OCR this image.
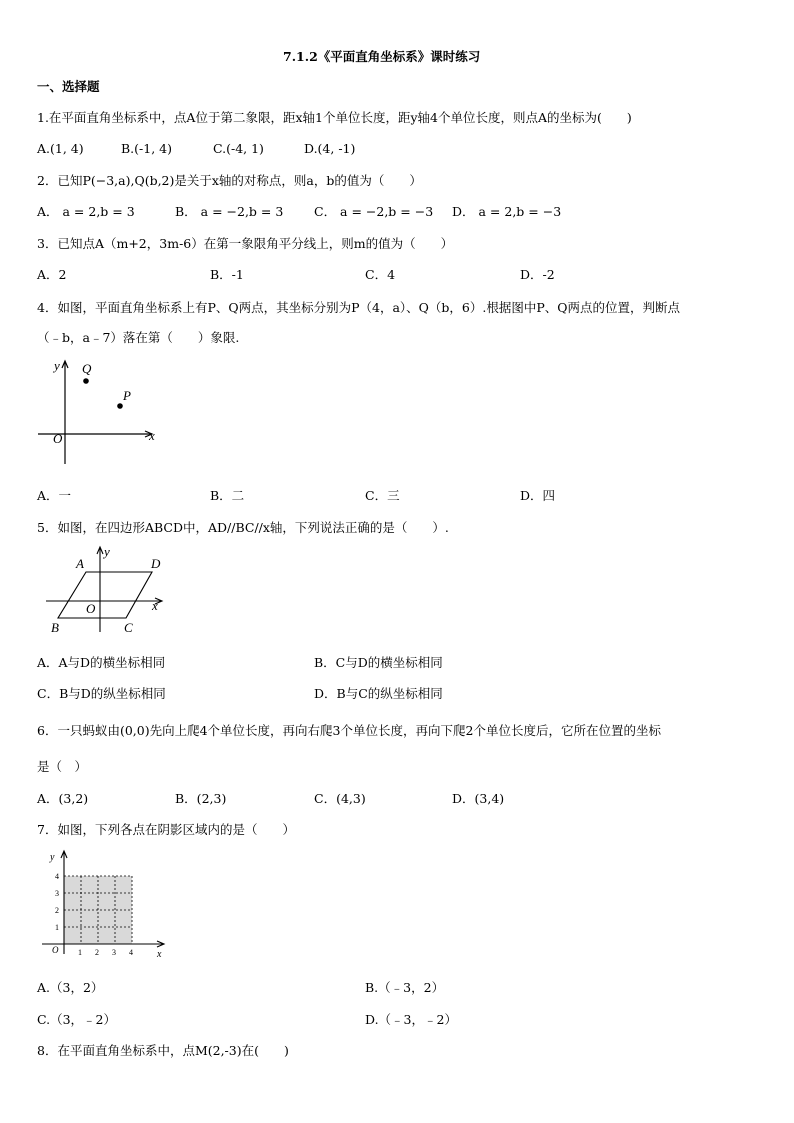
7.1.2《平面直角坐标系》课时练习
一、选择题
1.在平面直角坐标系中，点A位于第二象限，距x轴1个单位长度，距y轴4个单位长度，则点A的坐标为(　　)
A.(1, 4)	B.(-1, 4)	C.(-4, 1)	D.(4, -1)
2．已知P(−3,a),Q(b,2)是关于x轴的对称点，则a，b的值为（　　）
A． a = 2,b = 3	B． a = −2,b = 3 C． a = −2,b = −3 D． a = 2,b = −3
3．已知点A（m+2，3m-6）在第一象限角平分线上，则m的值为（　　）
A．2	B．-1	C．4	D．-2
4．如图，平面直角坐标系上有P、Q两点，其坐标分别为P（4，a）、Q（b，6）.根据图中P、Q两点的位置，判断点
（﹣b，a﹣7）落在第（　　）象限.
y
x
O
Q
P
A．一	B．二	C．三	D．四
5．如图，在四边形ABCD中，AD//BC//x轴，下列说法正确的是（　　）.
A	D
B	C
O	x
y
A．A与D的横坐标相同	B．C与D的横坐标相同
C．B与D的纵坐标相同	D．B与C的纵坐标相同
6．一只蚂蚁由(0,0)先向上爬4个单位长度，再向右爬3个单位长度，再向下爬2个单位长度后，它所在位置的坐标
是（　）
A．(3,2)	B．(2,3)	C．(4,3)	D．(3,4)
7．如图，下列各点在阴影区域内的是（　　）
y
x
O 1 2 3 4
1
2
3
4
A.（3，2）	B.（﹣3，2）
C.（3，﹣2）	D.（﹣3，﹣2）
8．在平面直角坐标系中，点M(2,-3)在(　　)
